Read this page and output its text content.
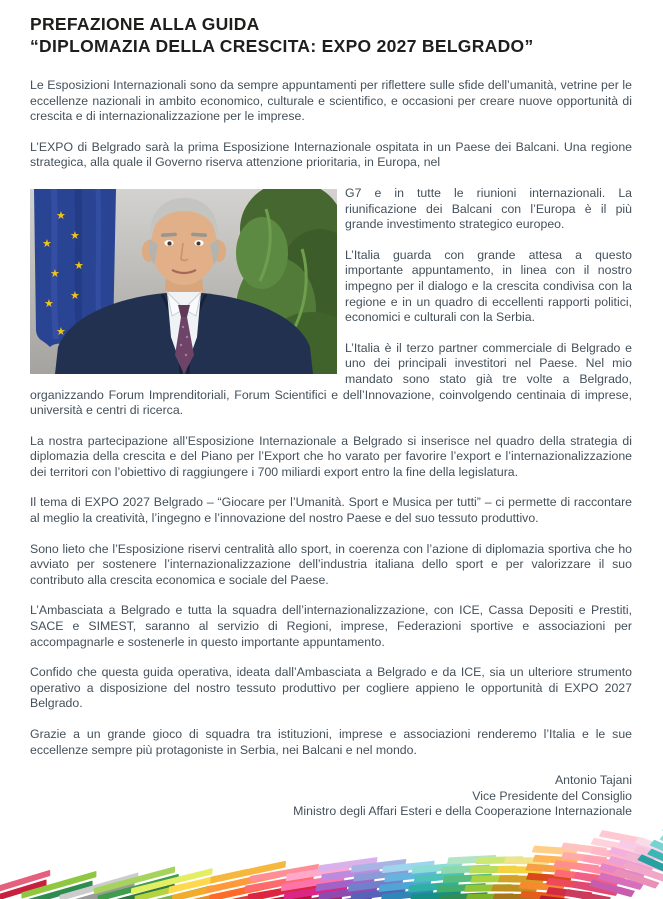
PREFAZIONE ALLA GUIDA
“DIPLOMAZIA DELLA CRESCITA: EXPO 2027 BELGRADO”

Le Esposizioni Internazionali sono da sempre appuntamenti per riflettere sulle sfide dell’umanità, vetrine per le eccellenze nazionali in ambito economico, culturale e scientifico, e occasioni per creare nuove opportunità di crescita e di internazionalizzazione per le imprese.

L’EXPO di Belgrado sarà la prima Esposizione Internazionale ospitata in un Paese dei Balcani. Una regione strategica, alla quale il Governo riserva attenzione prioritaria, in Europa, nel

★
★
★
★
★
★
★
★

G7 e in tutte le riunioni internazionali. La riunificazione dei Balcani con l’Europa è il più grande investimento strategico europeo.

L’Italia guarda con grande attesa a questo importante appuntamento, in linea con il nostro impegno per il dialogo e la crescita condivisa con la regione e in un quadro di eccellenti rapporti politici, economici e culturali con la Serbia.

L’Italia è il terzo partner commerciale di Belgrado e uno dei principali investitori nel Paese. Nel mio mandato sono stato già tre volte a Belgrado, organizzando Forum Imprenditoriali, Forum Scientifici e dell’Innovazione, coinvolgendo centinaia di imprese, università e centri di ricerca.

La nostra partecipazione all’Esposizione Internazionale a Belgrado si inserisce nel quadro della strategia di diplomazia della crescita e del Piano per l’Export che ho varato per favorire l’export e l’internazionalizzazione dei territori con l’obiettivo di raggiungere i 700 miliardi export entro la fine della legislatura.

Il tema di EXPO 2027 Belgrado – “Giocare per l’Umanità. Sport e Musica per tutti” – ci permette di raccontare al meglio la creatività, l’ingegno e l’innovazione del nostro Paese e del suo tessuto produttivo.

Sono lieto che l’Esposizione riservi centralità allo sport, in coerenza con l’azione di diplomazia sportiva che ho avviato per sostenere l’internazionalizzazione dell’industria italiana dello sport e per valorizzare il suo contributo alla crescita economica e sociale del Paese.

L’Ambasciata a Belgrado e tutta la squadra dell’internazionalizzazione, con ICE, Cassa Depositi e Prestiti, SACE e SIMEST, saranno al servizio di Regioni, imprese, Federazioni sportive e associazioni per accompagnarle e sostenerle in questo importante appuntamento.

Confido che questa guida operativa, ideata dall’Ambasciata a Belgrado e da ICE, sia un ulteriore strumento operativo a disposizione del nostro tessuto produttivo per cogliere appieno le opportunità di EXPO 2027 Belgrado.

Grazie a un grande gioco di squadra tra istituzioni, imprese e associazioni renderemo l’Italia e le sue eccellenze sempre più protagoniste in Serbia, nei Balcani e nel mondo.

Antonio Tajani

Vice Presidente del Consiglio

Ministro degli Affari Esteri e della Cooperazione Internazionale
